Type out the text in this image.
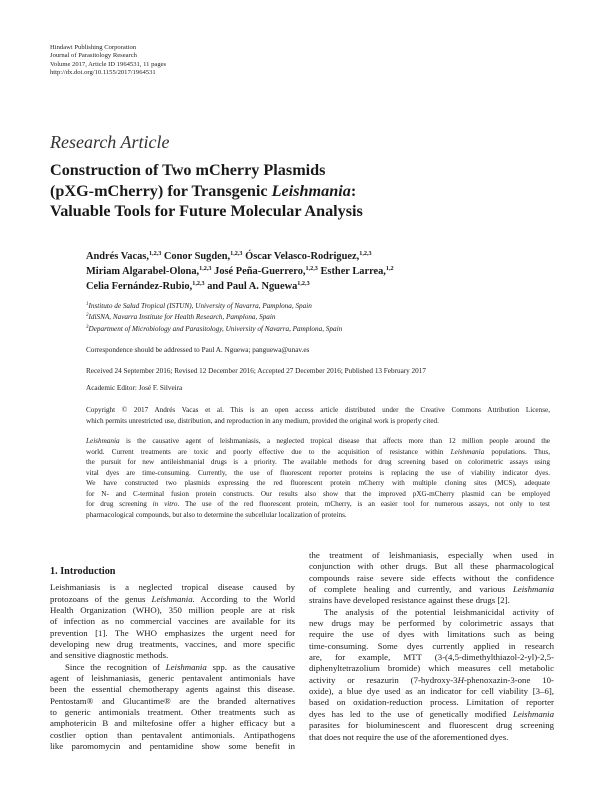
Hindawi Publishing Corporation
Journal of Parasitology Research
Volume 2017, Article ID 1964531, 11 pages
http://dx.doi.org/10.1155/2017/1964531
Research Article
Construction of Two mCherry Plasmids
(pXG-mCherry) for Transgenic Leishmania:
Valuable Tools for Future Molecular Analysis
Andrés Vacas,$^{1,2,3}$ Conor Sugden,$^{1,2,3}$ Óscar Velasco-Rodriguez,$^{1,2,3}$
Miriam Algarabel-Olona,$^{1,2,3}$ José Peña-Guerrero,$^{1,2,3}$ Esther Larrea,$^{1,2}$
Celia Fernández-Rubio,$^{1,2,3}$ and Paul A. Nguewa$^{1,2,3}$
$^1$Instituto de Salud Tropical (ISTUN), University of Navarra, Pamplona, Spain
$^2$IdiSNA, Navarra Institute for Health Research, Pamplona, Spain
$^3$Department of Microbiology and Parasitology, University of Navarra, Pamplona, Spain
Correspondence should be addressed to Paul A. Nguewa; panguewa@unav.es
Received 24 September 2016; Revised 12 December 2016; Accepted 27 December 2016; Published 13 February 2017
Academic Editor: José F. Silveira
Copyright © 2017 Andrés Vacas et al. This is an open access article distributed under the Creative Commons Attribution License,
which permits unrestricted use, distribution, and reproduction in any medium, provided the original work is properly cited.
Leishmania is the causative agent of leishmaniasis, a neglected tropical disease that affects more than 12 million people around the
world. Current treatments are toxic and poorly effective due to the acquisition of resistance within Leishmania populations. Thus,
the pursuit for new antileishmanial drugs is a priority. The available methods for drug screening based on colorimetric assays using
vital dyes are time-consuming. Currently, the use of fluorescent reporter proteins is replacing the use of viability indicator dyes.
We have constructed two plasmids expressing the red fluorescent protein mCherry with multiple cloning sites (MCS), adequate
for N- and C-terminal fusion protein constructs. Our results also show that the improved pXG-mCherry plasmid can be employed
for drug screening in vitro. The use of the red fluorescent protein, mCherry, is an easier tool for numerous assays, not only to test
pharmacological compounds, but also to determine the subcellular localization of proteins.
1. Introduction
Leishmaniasis is a neglected tropical disease caused by
protozoans of the genus Leishmania. According to the World
Health Organization (WHO), 350 million people are at risk
of infection as no commercial vaccines are available for its
prevention [1]. The WHO emphasizes the urgent need for
developing new drug treatments, vaccines, and more specific
and sensitive diagnostic methods.
Since the recognition of Leishmania spp. as the causative
agent of leishmaniasis, generic pentavalent antimonials have
been the essential chemotherapy agents against this disease.
Pentostam® and Glucantime® are the branded alternatives
to generic antimonials treatment. Other treatments such as
amphotericin B and miltefosine offer a higher efficacy but a
costlier option than pentavalent antimonials. Antipathogens
like paromomycin and pentamidine show some benefit in
the treatment of leishmaniasis, especially when used in
conjunction with other drugs. But all these pharmacological
compounds raise severe side effects without the confidence
of complete healing and currently, and various Leishmania
strains have developed resistance against these drugs [2].
The analysis of the potential leishmanicidal activity of
new drugs may be performed by colorimetric assays that
require the use of dyes with limitations such as being
time-consuming. Some dyes currently applied in research
are, for example, MTT (3-(4,5-dimethylthiazol-2-yl)-2,5-
diphenyltetrazolium bromide) which measures cell metabolic
activity or resazurin (7-hydroxy-3H-phenoxazin-3-one 10-
oxide), a blue dye used as an indicator for cell viability [3–6],
based on oxidation-reduction process. Limitation of reporter
dyes has led to the use of genetically modified Leishmania
parasites for bioluminescent and fluorescent drug screening
that does not require the use of the aforementioned dyes.
